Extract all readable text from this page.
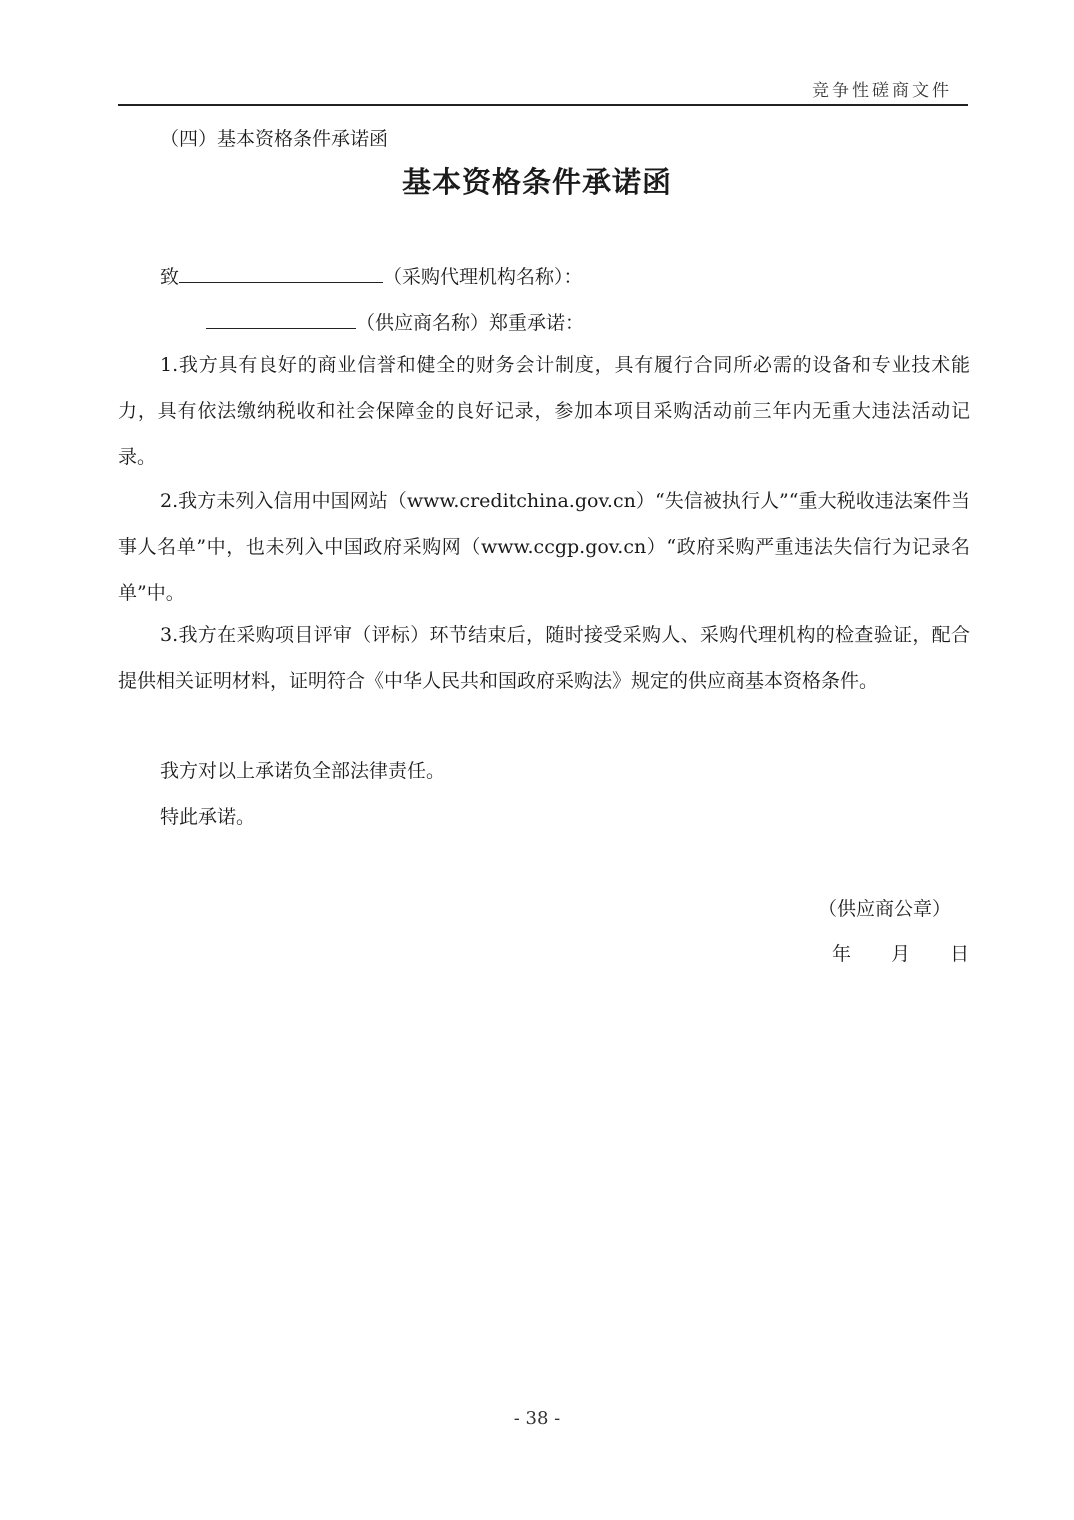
竞争性磋商文件
（四）基本资格条件承诺函
基本资格条件承诺函
致	（采购代理机构名称）：
（供应商名称）郑重承诺：
1.我方具有良好的商业信誉和健全的财务会计制度，具有履行合同所必需的设备和专业技术能力，具有依法缴纳税收和社会保障金的良好记录，参加本项目采购活动前三年内无重大违法活动记录。
2.我方未列入信用中国网站（www.creditchina.gov.cn）“失信被执行人”“重大税收违法案件当事人名单”中，也未列入中国政府采购网（www.ccgp.gov.cn）“政府采购严重违法失信行为记录名单”中。
3.我方在采购项目评审（评标）环节结束后，随时接受采购人、采购代理机构的检查验证，配合提供相关证明材料，证明符合《中华人民共和国政府采购法》规定的供应商基本资格条件。
我方对以上承诺负全部法律责任。
特此承诺。
（供应商公章）
年 月 日
- 38 -
